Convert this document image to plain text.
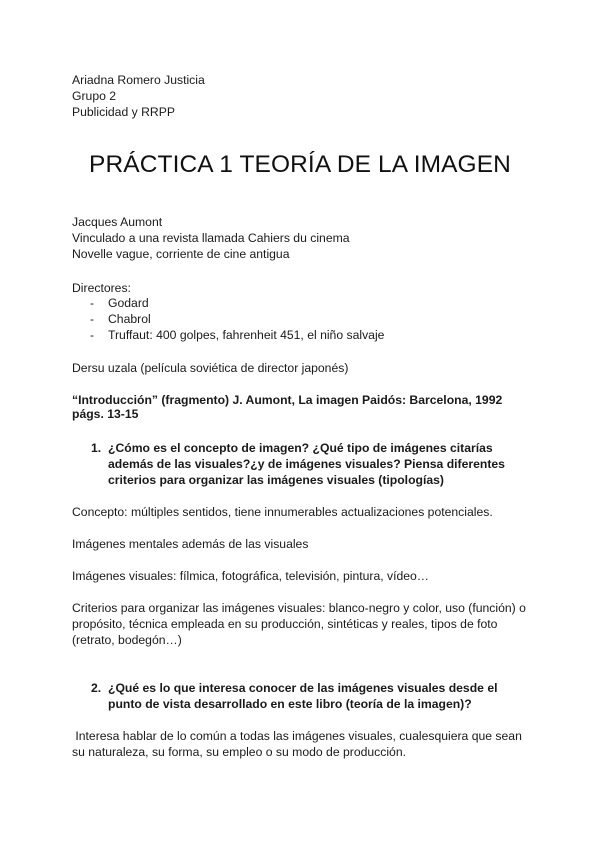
Ariadna Romero Justicia
Grupo 2
Publicidad y RRPP
PRÁCTICA 1 TEORÍA DE LA IMAGEN
Jacques Aumont
Vinculado a una revista llamada Cahiers du cinema
Novelle vague, corriente de cine antigua
Directores:
- Godard
- Chabrol
- Truffaut: 400 golpes, fahrenheit 451, el niño salvaje
Dersu uzala (película soviética de director japonés)
“Introducción” (fragmento) J. Aumont, La imagen Paidós: Barcelona, 1992
págs. 13-15
1. ¿Cómo es el concepto de imagen? ¿Qué tipo de imágenes citarías
además de las visuales?¿y de imágenes visuales? Piensa diferentes
criterios para organizar las imágenes visuales (tipologías)
Concepto: múltiples sentidos, tiene innumerables actualizaciones potenciales.
Imágenes mentales además de las visuales
Imágenes visuales: fílmica, fotográfica, televisión, pintura, vídeo…
Criterios para organizar las imágenes visuales: blanco-negro y color, uso (función) o
propósito, técnica empleada en su producción, sintéticas y reales, tipos de foto
(retrato, bodegón…)
2. ¿Qué es lo que interesa conocer de las imágenes visuales desde el
punto de vista desarrollado en este libro (teoría de la imagen)?
Interesa hablar de lo común a todas las imágenes visuales, cualesquiera que sean
su naturaleza, su forma, su empleo o su modo de producción.
